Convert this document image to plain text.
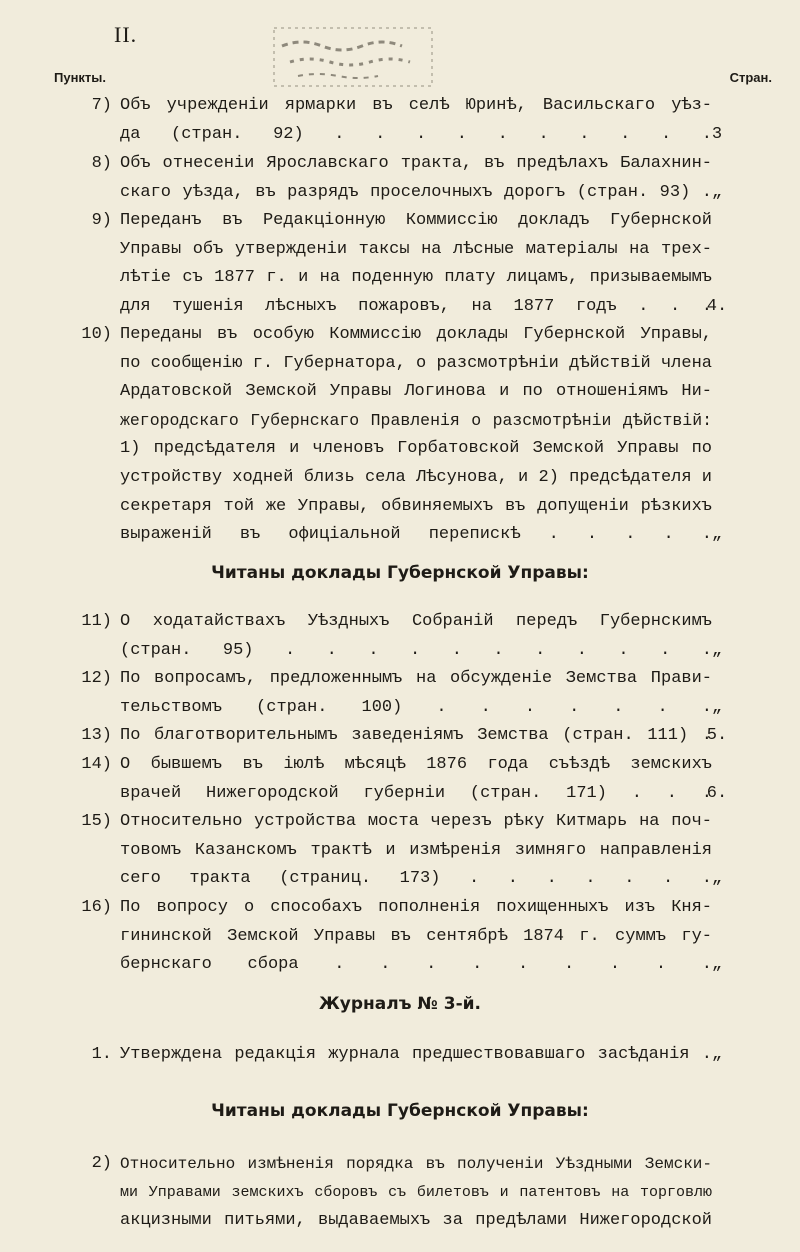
II.
Пункты.	Стран.
7) Объ учрежденіи ярмарки въ селѣ Юринѣ, Васильскаго уѣз-
да (стран. 92) . . . . . . . . . . 3
8) Объ отнесеніи Ярославскаго тракта, въ предѣлахъ Балахнин-
скаго уѣзда, въ разрядъ проселочныхъ дорогъ (стран. 93) . „
9) Переданъ въ Редакціонную Коммиссію докладъ Губернской
Управы объ утвержденіи таксы на лѣсные матеріалы на трех-
лѣтіе съ 1877 г. и на поденную плату лицамъ, призываемымъ
для тушенія лѣсныхъ пожаровъ, на 1877 годъ . . .
4.
10) Переданы въ особую Коммиссію доклады Губернской Управы,
по сообщенію г. Губернатора, о разсмотрѣніи дѣйствій члена
Ардатовской Земской Управы Логинова и по отношеніямъ Ни-
жегородскаго Губернскаго Правленія о разсмотрѣніи дѣйствій:
1) предсѣдателя и членовъ Горбатовской Земской Управы по
устройству ходней близь села Лѣсунова, и 2) предсѣдателя и
секретаря той же Управы, обвиняемыхъ въ допущеніи рѣзкихъ
выраженій въ офиціальной перепискѣ . . . . . „
Читаны доклады Губернской Управы:
11) О ходатайствахъ Уѣздныхъ Собраній передъ Губернскимъ
(стран. 95) . . . . . . . . . . . „
12) По вопросамъ, предложеннымъ на обсужденіе Земства Прави-
тельствомъ (стран. 100) . . . . . . . „
13) По благотворительнымъ заведеніямъ Земства (стран. 111) .
5.
14) О бывшемъ въ іюлѣ мѣсяцѣ 1876 года съѣздѣ земскихъ
врачей Нижегородской губерніи (стран. 171) . . .
6.
15) Относительно устройства моста черезъ рѣку Китмарь на поч-
товомъ Казанскомъ трактѣ и измѣренія зимняго направленія
сего тракта (страниц. 173) . . . . . . . „
16) По вопросу о способахъ пополненія похищенныхъ изъ Кня-
гининской Земской Управы въ сентябрѣ 1874 г. суммъ гу-
бернскаго сбора . . . . . . . . . „
Журналъ № 3-й.
1. Утверждена редакція журнала предшествовавшаго засѣданія . „
Читаны доклады Губернской Управы:
2) Относительно измѣненія порядка въ полученіи Уѣздными Земски-
ми Управами земскихъ сборовъ съ билетовъ и патентовъ на торговлю
акцизными питьями, выдаваемыхъ за предѣлами Нижегородской
